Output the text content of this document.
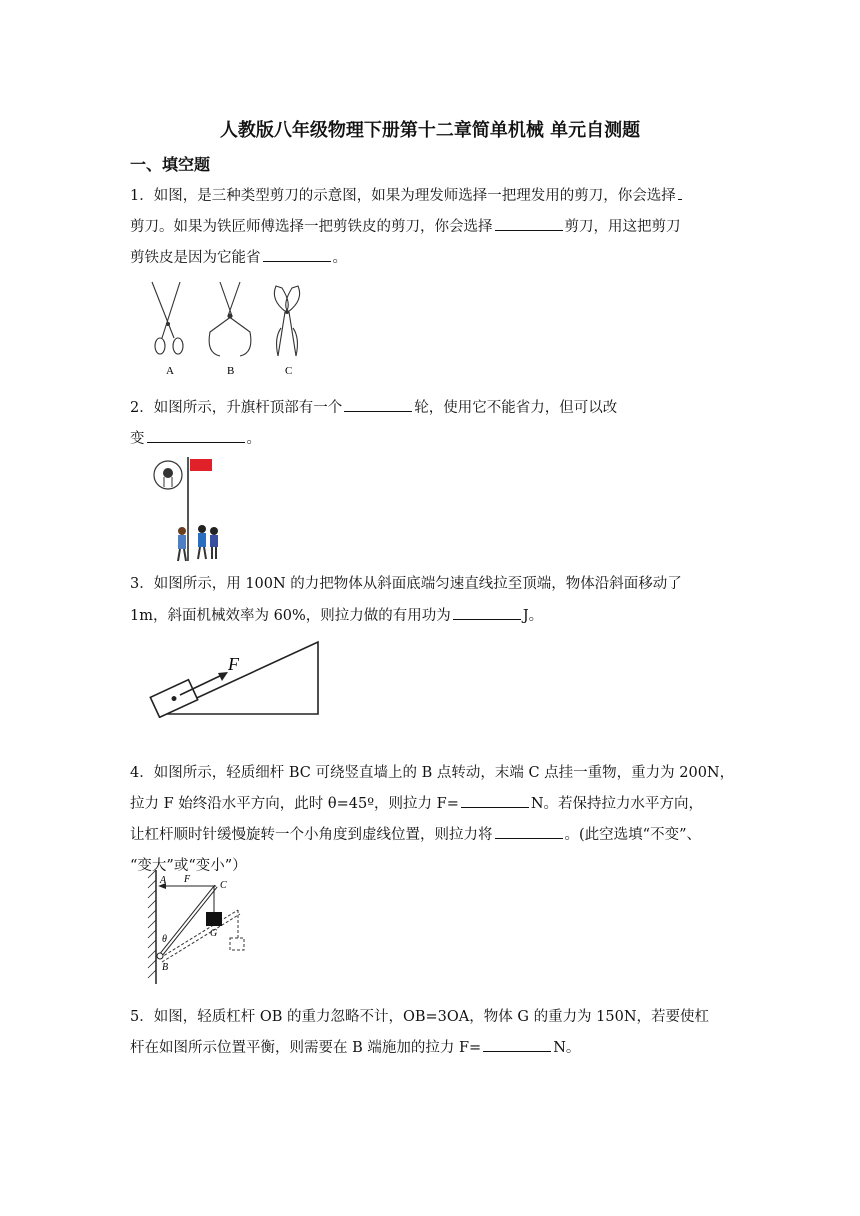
人教版八年级物理下册第十二章简单机械 单元自测题
一、填空题
1．如图，是三种类型剪刀的示意图，如果为理发师选择一把理发用的剪刀，你会选择
剪刀。如果为铁匠师傅选择一把剪铁皮的剪刀，你会选择	剪刀，用这把剪刀
剪铁皮是因为它能省	。
A	B	C
2．如图所示，升旗杆顶部有一个	轮，使用它不能省力，但可以改
变	。
3．如图所示，用 100N 的力把物体从斜面底端匀速直线拉至顶端，物体沿斜面移动了
1m，斜面机械效率为 60%，则拉力做的有用功为	J。
F
4．如图所示，轻质细杆 BC 可绕竖直墙上的 B 点转动，末端 C 点挂一重物，重力为 200N，
拉力 F 始终沿水平方向，此时 θ=45º，则拉力 F=	N。若保持拉力水平方向，
让杠杆顺时针缓慢旋转一个小角度到虚线位置，则拉力将	。(此空选填“不变”、
“变大”或“变小”）
A F
C
G
θ
B
5．如图，轻质杠杆 OB 的重力忽略不计，OB=3OA，物体 G 的重力为 150N，若要使杠
杆在如图所示位置平衡，则需要在 B 端施加的拉力 F=	N。
